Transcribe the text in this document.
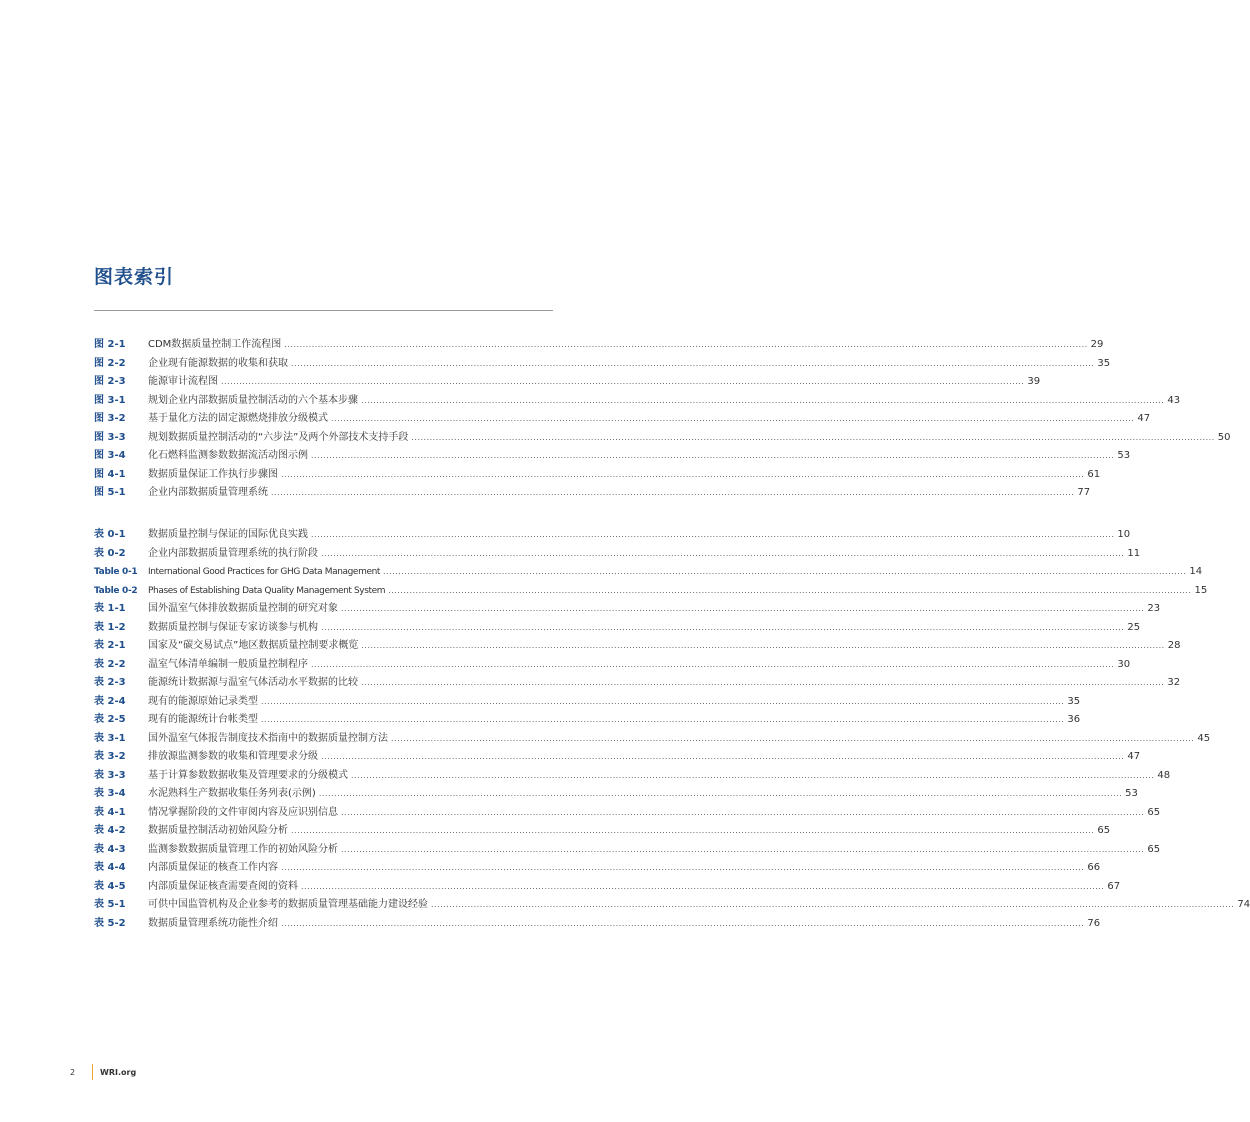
图表索引
图 2-1	CDM数据质量控制工作流程图 .....	29
图 2-2	企业现有能源数据的收集和获取 .....	35
图 2-3	能源审计流程图 .....	39
图 3-1	规划企业内部数据质量控制活动的六个基本步骤 .....	43
图 3-2	基于量化方法的固定源燃烧排放分级模式 .....	47
图 3-3	规划数据质量控制活动的“六步法”及两个外部技术支持手段 .....	50
图 3-4	化石燃料监测参数数据流活动图示例 .....	53
图 4-1	数据质量保证工作执行步骤图 .....	61
图 5-1	企业内部数据质量管理系统 .....	77
表 0-1	数据质量控制与保证的国际优良实践 .....	10
表 0-2	企业内部数据质量管理系统的执行阶段 .....	11
Table 0-1	International Good Practices for GHG Data Management .....	14
Table 0-2	Phases of Establishing Data Quality Management System .....	15
表 1-1	国外温室气体排放数据质量控制的研究对象 .....	23
表 1-2	数据质量控制与保证专家访谈参与机构 .....	25
表 2-1	国家及“碳交易试点”地区数据质量控制要求概览 .....	28
表 2-2	温室气体清单编制一般质量控制程序 .....	30
表 2-3	能源统计数据源与温室气体活动水平数据的比较 .....	32
表 2-4	现有的能源原始记录类型 .....	35
表 2-5	现有的能源统计台帐类型 .....	36
表 3-1	国外温室气体报告制度技术指南中的数据质量控制方法 .....	45
表 3-2	排放源监测参数的收集和管理要求分级 .....	47
表 3-3	基于计算参数数据收集及管理要求的分级模式 .....	48
表 3-4	水泥熟料生产数据收集任务列表(示例) .....	53
表 4-1	情况掌握阶段的文件审阅内容及应识别信息 .....	65
表 4-2	数据质量控制活动初始风险分析 .....	65
表 4-3	监测参数数据质量管理工作的初始风险分析 .....	65
表 4-4	内部质量保证的核查工作内容 .....	66
表 4-5	内部质量保证核查需要查阅的资料 .....	67
表 5-1	可供中国监管机构及企业参考的数据质量管理基础能力建设经验 .....	74
表 5-2	数据质量管理系统功能性介绍 .....	76
2	WRI.org
